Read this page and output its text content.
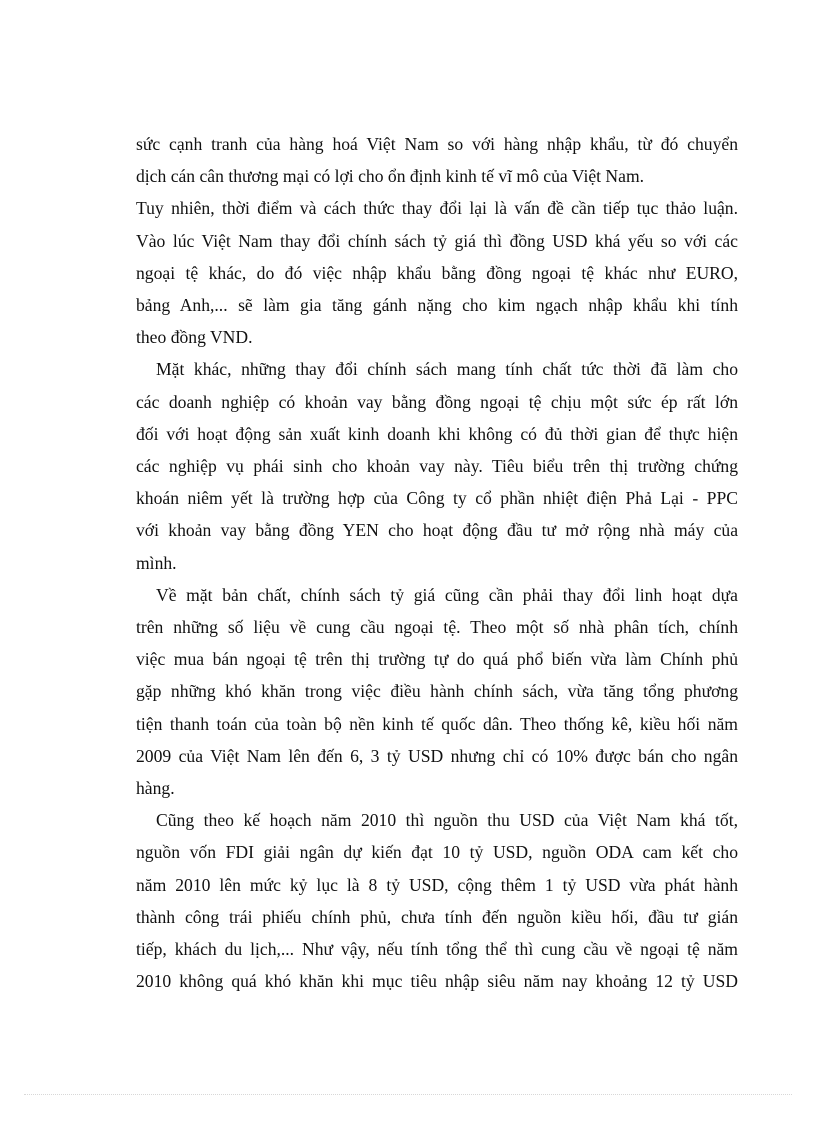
sức cạnh tranh của hàng hoá Việt Nam so với hàng nhập khẩu, từ đó chuyển

dịch cán cân thương mại có lợi cho ổn định kinh tế vĩ mô của Việt Nam.

Tuy nhiên, thời điểm và cách thức thay đổi lại là vấn đề cần tiếp tục thảo luận.

Vào lúc Việt Nam thay đổi chính sách tỷ giá thì đồng USD khá yếu so với các

ngoại tệ khác, do đó việc nhập khẩu bằng đồng ngoại tệ khác như EURO,

bảng Anh,... sẽ làm gia tăng gánh nặng cho kim ngạch nhập khẩu khi tính

theo đồng VND.

Mặt khác, những thay đổi chính sách mang tính chất tức thời đã làm cho

các doanh nghiệp có khoản vay bằng đồng ngoại tệ chịu một sức ép rất lớn

đối với hoạt động sản xuất kinh doanh khi không có đủ thời gian để thực hiện

các nghiệp vụ phái sinh cho khoản vay này. Tiêu biểu trên thị trường chứng

khoán niêm yết là trường hợp của Công ty cổ phần nhiệt điện Phả Lại - PPC

với khoản vay bằng đồng YEN cho hoạt động đầu tư mở rộng nhà máy của

mình.

Về mặt bản chất, chính sách tỷ giá cũng cần phải thay đổi linh hoạt dựa

trên những số liệu về cung cầu ngoại tệ. Theo một số nhà phân tích, chính

việc mua bán ngoại tệ trên thị trường tự do quá phổ biến vừa làm Chính phủ

gặp những khó khăn trong việc điều hành chính sách, vừa tăng tổng phương

tiện thanh toán của toàn bộ nền kinh tế quốc dân. Theo thống kê, kiều hối năm

2009 của Việt Nam lên đến 6, 3 tỷ USD nhưng chỉ có 10% được bán cho ngân

hàng.

Cũng theo kế hoạch năm 2010 thì nguồn thu USD của Việt Nam khá tốt,

nguồn vốn FDI giải ngân dự kiến đạt 10 tỷ USD, nguồn ODA cam kết cho

năm 2010 lên mức kỷ lục là 8 tỷ USD, cộng thêm 1 tỷ USD vừa phát hành

thành công trái phiếu chính phủ, chưa tính đến nguồn kiều hối, đầu tư gián

tiếp, khách du lịch,... Như vậy, nếu tính tổng thể thì cung cầu về ngoại tệ năm

2010 không quá khó khăn khi mục tiêu nhập siêu năm nay khoảng 12 tỷ USD
